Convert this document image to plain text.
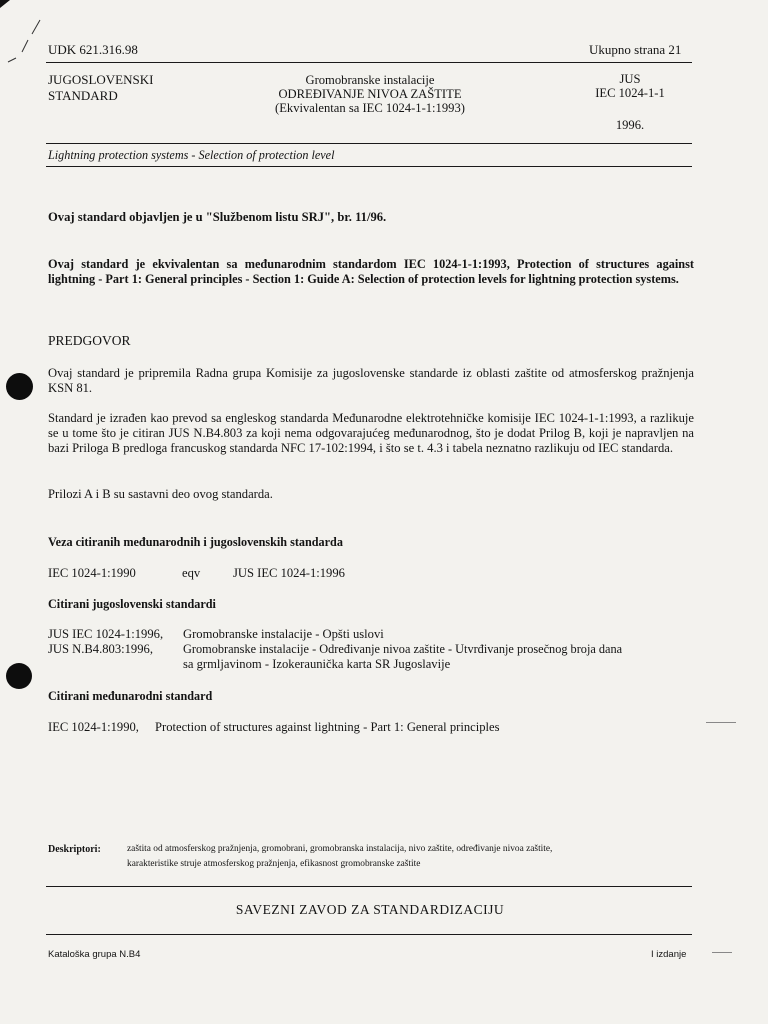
UDK 621.316.98	Ukupno strana 21
JUGOSLOVENSKI
STANDARD
Gromobranske instalacije
ODREĐIVANJE NIVOA ZAŠTITE
(Ekvivalentan sa IEC 1024-1-1:1993)
JUS
IEC 1024-1-1
1996.
Lightning protection systems - Selection of protection level
Ovaj standard objavljen je u "Službenom listu SRJ", br. 11/96.
Ovaj standard je ekvivalentan sa međunarodnim standardom IEC 1024-1-1:1993, Protection of structures against lightning - Part 1: General principles - Section 1: Guide A: Selection of protection levels for lightning protection systems.
PREDGOVOR
Ovaj standard je pripremila Radna grupa Komisije za jugoslovenske standarde iz oblasti zaštite od atmosferskog pražnjenja KSN 81.
Standard je izrađen kao prevod sa engleskog standarda Međunarodne elektrotehničke komisije IEC 1024-1-1:1993, a razlikuje se u tome što je citiran JUS N.B4.803 za koji nema odgovarajućeg međunarodnog, što je dodat Prilog B, koji je napravljen na bazi Priloga B predloga francuskog standarda NFC 17-102:1994, i što se t. 4.3 i tabela neznatno razlikuju od IEC standarda.
Prilozi A i B su sastavni deo ovog standarda.
Veza citiranih međunarodnih i jugoslovenskih standarda
IEC 1024-1:1990	eqv	JUS IEC 1024-1:1996
Citirani jugoslovenski standardi
JUS IEC 1024-1:1996, Gromobranske instalacije - Opšti uslovi
JUS N.B4.803:1996, Gromobranske instalacije - Određivanje nivoa zaštite - Utvrđivanje prosečnog broja dana
sa grmljavinom - Izokeraunička karta SR Jugoslavije
Citirani međunarodni standard
IEC 1024-1:1990, Protection of structures against lightning - Part 1: General principles
Deskriptori:	zaštita od atmosferskog pražnjenja, gromobrani, gromobranska instalacija, nivo zaštite, određivanje nivoa zaštite,
karakteristike struje atmosferskog pražnjenja, efikasnost gromobranske zaštite
SAVEZNI ZAVOD ZA STANDARDIZACIJU
Katalоška grupa N.B4	I izdanje
